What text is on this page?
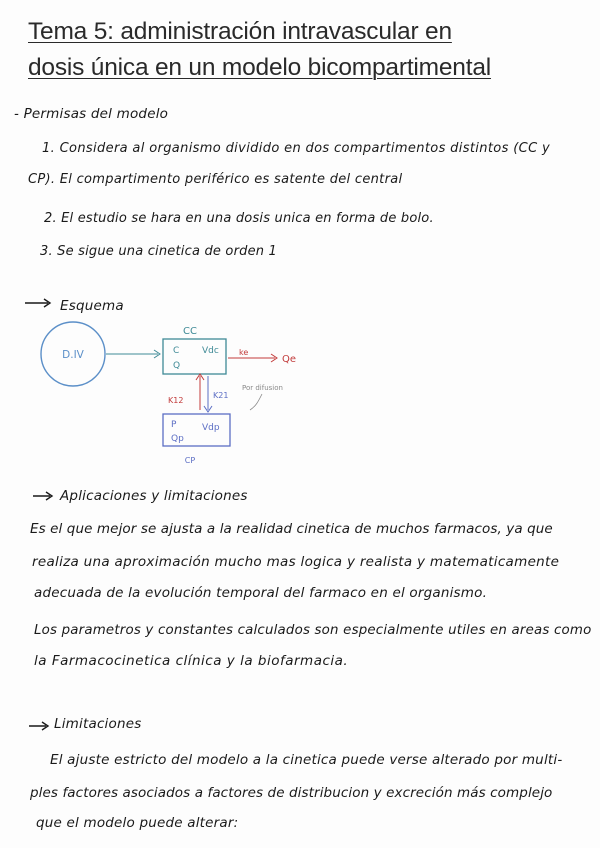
Tema 5: administración intravascular en
dosis única en un modelo bicompartimental
- Permisas del modelo
1. Considera al organismo dividido en dos compartimentos distintos (CC y
CP). El compartimento periférico es satente del central
2. El estudio se hara en una dosis unica en forma de bolo.
3. Se sigue una cinetica de orden 1
Esquema
D.IV
CC
C
Q
Vdc	ke
Qe
K12
K21
Por difusion
P
Qp
Vdp
CP
Aplicaciones y limitaciones
Es el que mejor se ajusta a la realidad cinetica de muchos farmacos, ya que
realiza una aproximación mucho mas logica y realista y matematicamente
adecuada de la evolución temporal del farmaco en el organismo.
Los parametros y constantes calculados son especialmente utiles en areas como
la Farmacocinetica clínica y la biofarmacia.
Limitaciones
El ajuste estricto del modelo a la cinetica puede verse alterado por multi-
ples factores asociados a factores de distribucion y excreción más complejo
que el modelo puede alterar:
